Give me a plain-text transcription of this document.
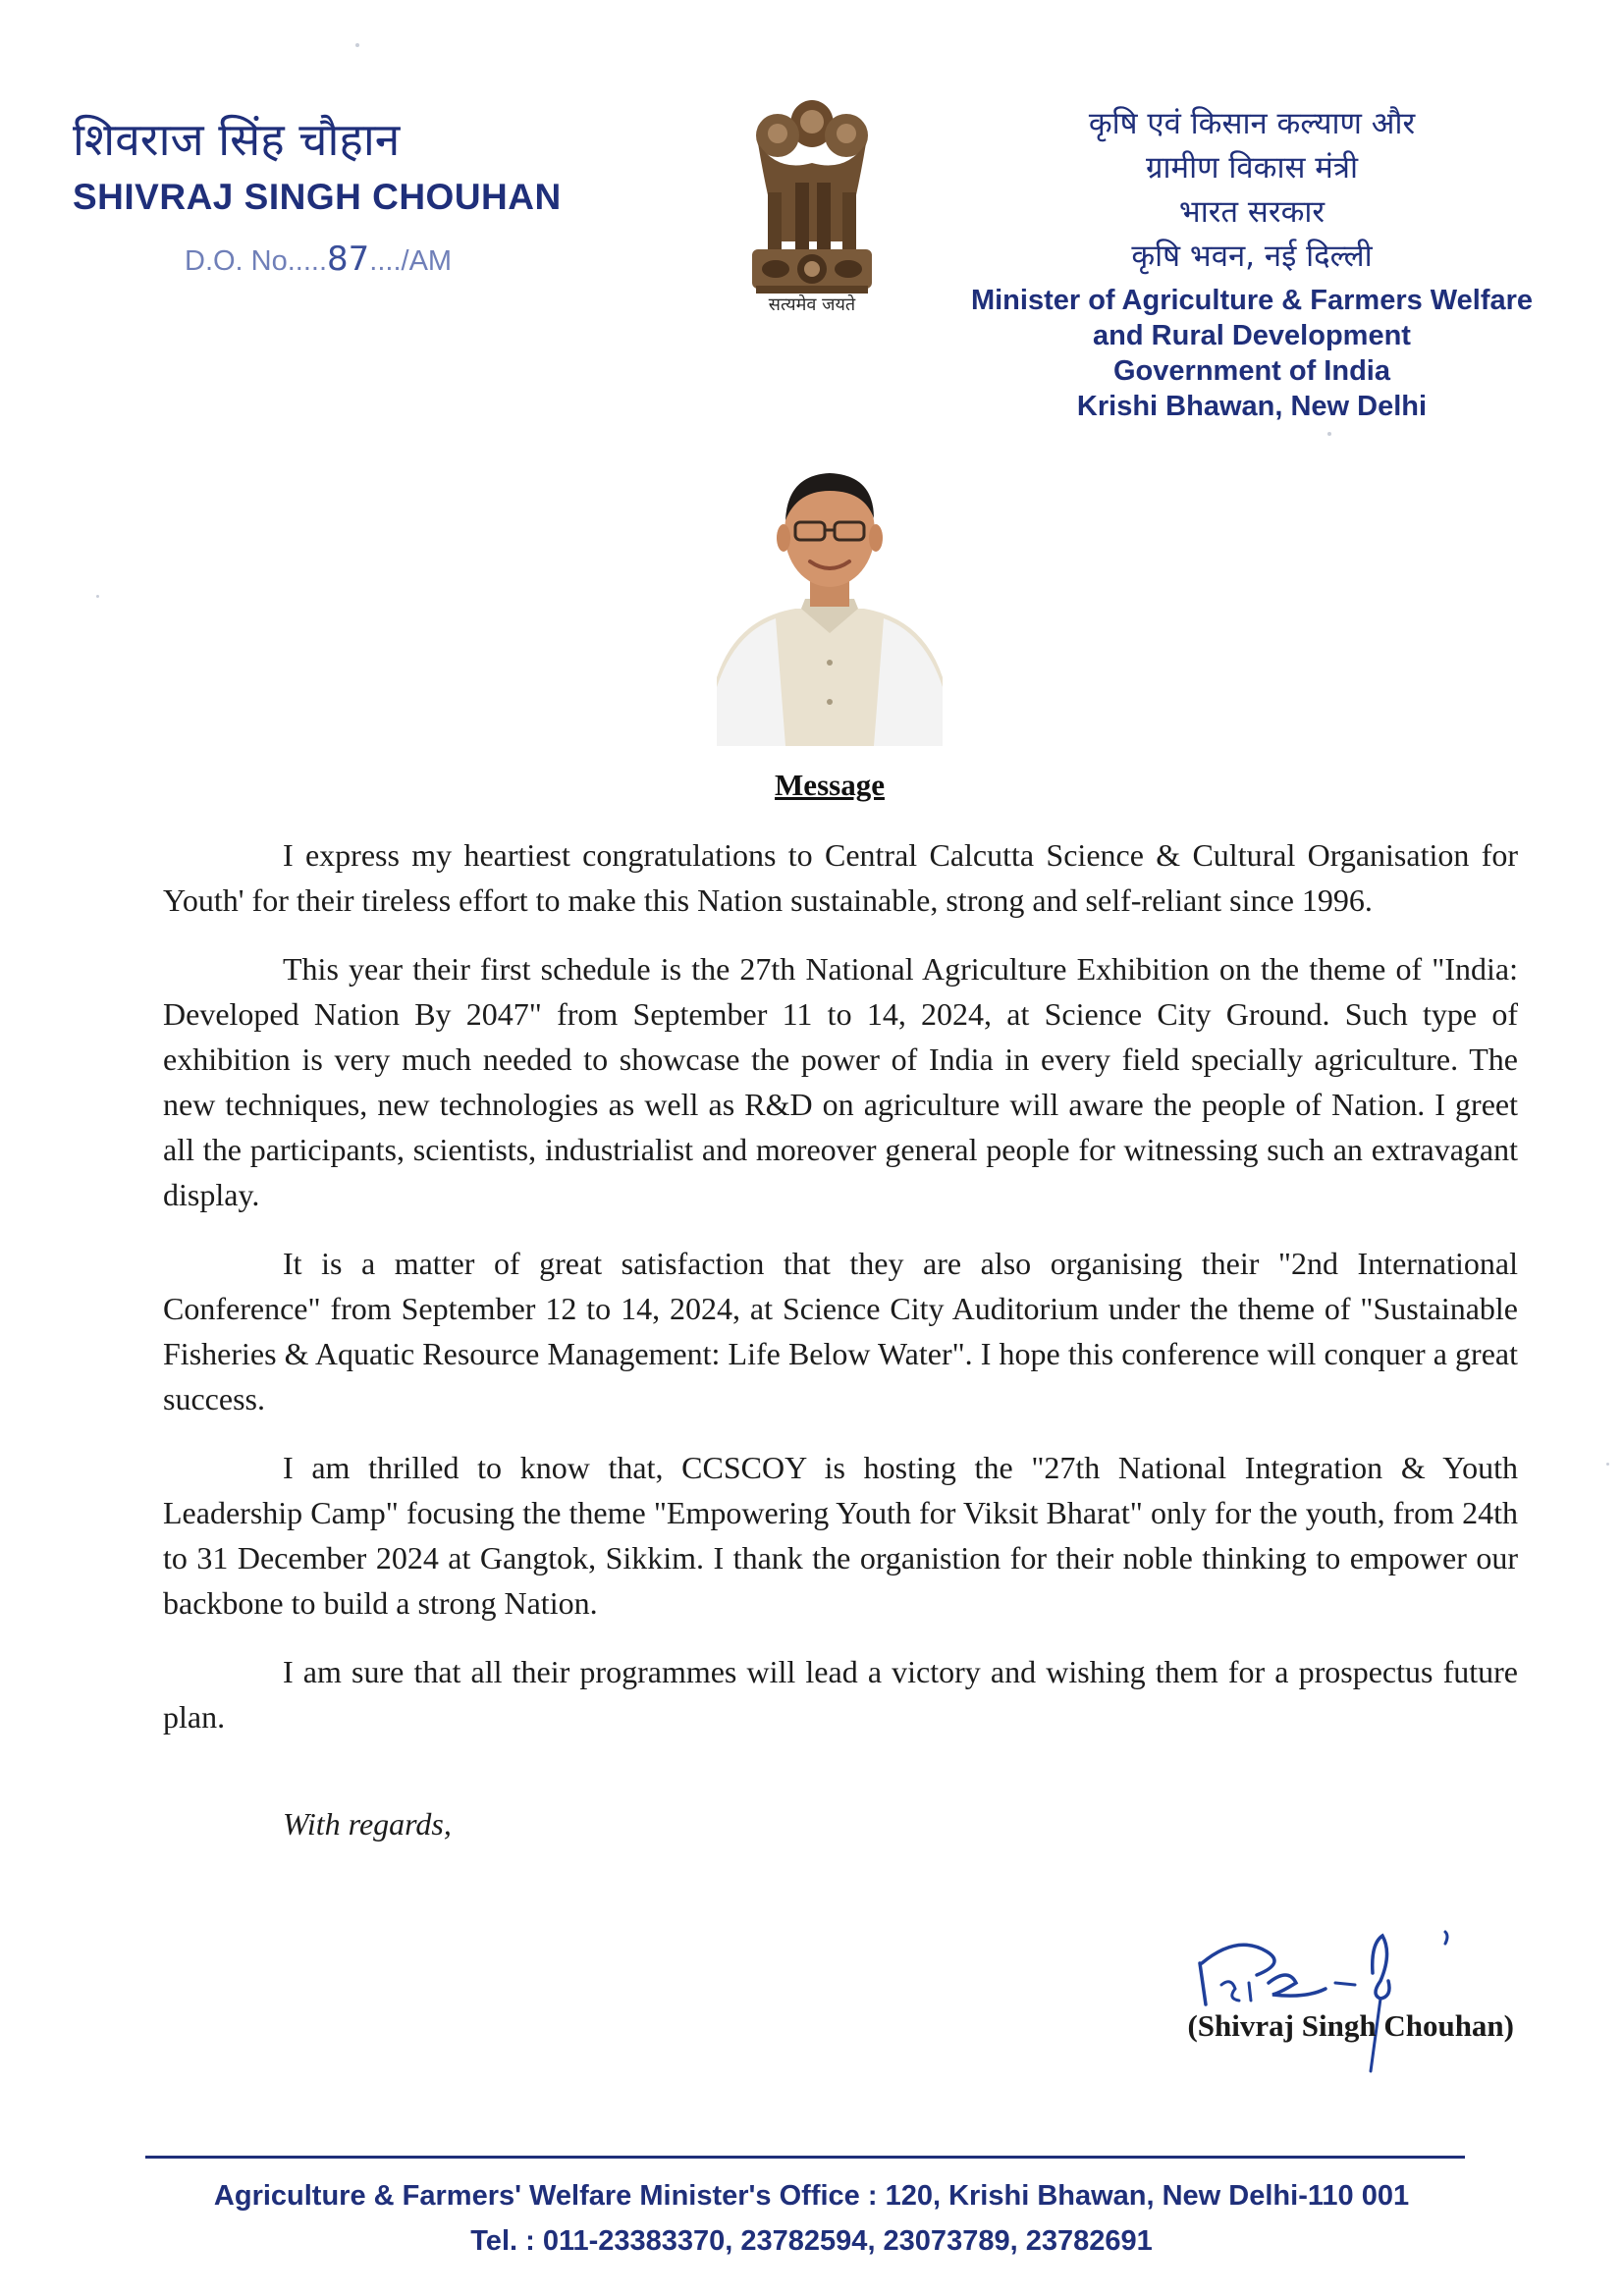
शिवराज सिंह चौहान
SHIVRAJ SINGH CHOUHAN
D.O. No.....87..../AM
सत्यमेव जयते
कृषि एवं किसान कल्याण और
ग्रामीण विकास मंत्री
भारत सरकार
कृषि भवन, नई दिल्ली
Minister of Agriculture & Farmers Welfare
and Rural Development
Government of India
Krishi Bhawan, New Delhi
Message

I express my heartiest congratulations to Central Calcutta Science & Cultural Organisation for Youth' for their tireless effort to make this Nation sustainable, strong and self-reliant since 1996.

This year their first schedule is the 27th National Agriculture Exhibition on the theme of "India: Developed Nation By 2047" from September 11 to 14, 2024, at Science City Ground. Such type of exhibition is very much needed to showcase the power of India in every field specially agriculture. The new techniques, new technologies as well as R&D on agriculture will aware the people of Nation. I greet all the participants, scientists, industrialist and moreover general people for witnessing such an extravagant display.

It is a matter of great satisfaction that they are also organising their "2nd International Conference" from September 12 to 14, 2024, at Science City Auditorium under the theme of "Sustainable Fisheries & Aquatic Resource Management: Life Below Water". I hope this conference will conquer a great success.

I am thrilled to know that, CCSCOY is hosting the "27th National Integration & Youth Leadership Camp" focusing the theme "Empowering Youth for Viksit Bharat" only for the youth, from 24th to 31 December 2024 at Gangtok, Sikkim. I thank the organistion for their noble thinking to empower our backbone to build a strong Nation.

I am sure that all their programmes will lead a victory and wishing them for a prospectus future plan.

With regards,
(Shivraj Singh Chouhan)
Agriculture & Farmers' Welfare Minister's Office : 120, Krishi Bhawan, New Delhi-110 001
Tel. : 011-23383370, 23782594, 23073789, 23782691
